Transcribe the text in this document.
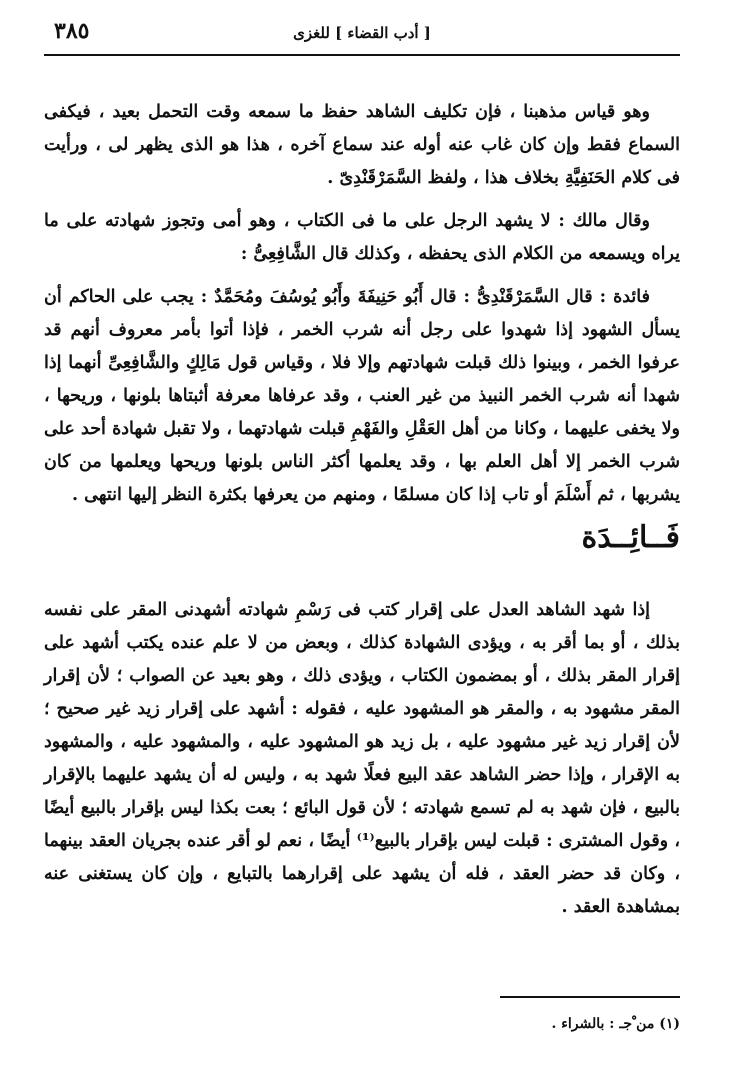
٣٨٥	[ أدب القضاء ] للغزى

وهو قياس مذهبنا ، فإن تكليف الشاهد حفظ ما سمعه وقت التحمل بعيد ، فيكفى السماع فقط وإن كان غاب عنه أوله عند سماع آخره ، هذا هو الذى يظهر لى ، ورأيت فى كلام الحَنَفِيَّةِ بخلاف هذا ، ولفظ السَّمَرْقَنْدِىّ .

وقال مالك : لا يشهد الرجل على ما فى الكتاب ، وهو أمى وتجوز شهادته على ما يراه ويسمعه من الكلام الذى يحفظه ، وكذلك قال الشَّافِعِىُّ :

فائدة : قال السَّمَرْقَنْدِىُّ : قال أَبُو حَنِيفَةَ وأَبُو يُوسُفَ ومُحَمَّدٌ : يجب على الحاكم أن يسأل الشهود إذا شهدوا على رجل أنه شرب الخمر ، فإذا أتوا بأمر معروف أنهم قد عرفوا الخمر ، وبينوا ذلك قبلت شهادتهم وإلا فلا ، وقياس قول مَالِكٍ والشَّافِعِىِّ أنهما إذا شهدا أنه شرب الخمر النبيذ من غير العنب ، وقد عرفاها معرفة أثبتاها بلونها ، وريحها ، ولا يخفى عليهما ، وكانا من أهل العَقْلِ والفَهْمِ قبلت شهادتهما ، ولا تقبل شهادة أحد على شرب الخمر إلا أهل العلم بها ، وقد يعلمها أكثر الناس بلونها وريحها ويعلمها من كان يشربها ، ثم أَسْلَمَ أو تاب إذا كان مسلمًا ، ومنهم من يعرفها بكثرة النظر إليها انتهى .

فَــائِــدَة

إذا شهد الشاهد العدل على إقرار كتب فى رَسْمِ شهادته أشهدنى المقر على نفسه بذلك ، أو بما أقر به ، ويؤدى الشهادة كذلك ، وبعض من لا علم عنده يكتب أشهد على إقرار المقر بذلك ، أو بمضمون الكتاب ، ويؤدى ذلك ، وهو بعيد عن الصواب ؛ لأن إقرار المقر مشهود به ، والمقر هو المشهود عليه ، فقوله : أشهد على إقرار زيد غير صحيح ؛ لأن إقرار زيد غير مشهود عليه ، بل زيد هو المشهود عليه ، والمشهود عليه ، والمشهود به الإقرار ، وإذا حضر الشاهد عقد البيع فعلًا شهد به ، وليس له أن يشهد عليهما بالإقرار بالبيع ، فإن شهد به لم تسمع شهادته ؛ لأن قول البائع ؛ بعت بكذا ليس بإقرار بالبيع أيضًا ، وقول المشترى : قبلت ليس بإقرار بالبيع⁽¹⁾ أيضًا ، نعم لو أقر عنده بجريان العقد بينهما ، وكان قد حضر العقد ، فله أن يشهد على إقرارهما بالتبايع ، وإن كان يستغنى عنه بمشاهدة العقد .

(١) من ْجـ : بالشراء .
